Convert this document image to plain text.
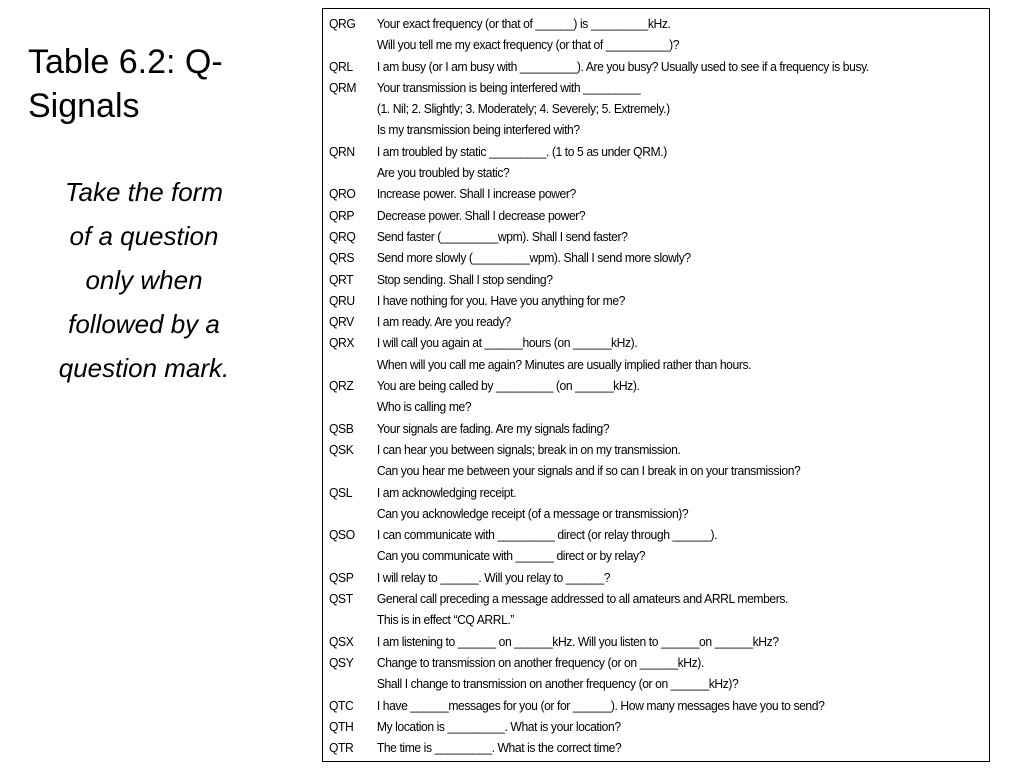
Table 6.2: Q-
Signals
Take the form
of a question
only when
followed by a
question mark.
QRG	Your exact frequency (or that of ______) is _________kHz.
Will you tell me my exact frequency (or that of __________)?
QRL	I am busy (or I am busy with _________). Are you busy? Usually used to see if a frequency is busy.
QRM	Your transmission is being interfered with _________
(1. Nil; 2. Slightly; 3. Moderately; 4. Severely; 5. Extremely.)
Is my transmission being interfered with?
QRN	I am troubled by static _________. (1 to 5 as under QRM.)
Are you troubled by static?
QRO	Increase power. Shall I increase power?
QRP	Decrease power. Shall I decrease power?
QRQ	Send faster (_________wpm). Shall I send faster?
QRS	Send more slowly (_________wpm). Shall I send more slowly?
QRT	Stop sending. Shall I stop sending?
QRU	I have nothing for you. Have you anything for me?
QRV	I am ready. Are you ready?
QRX	I will call you again at ______hours (on ______kHz).
When will you call me again? Minutes are usually implied rather than hours.
QRZ	You are being called by _________ (on ______kHz).
Who is calling me?
QSB	Your signals are fading. Are my signals fading?
QSK	I can hear you between signals; break in on my transmission.
Can you hear me between your signals and if so can I break in on your transmission?
QSL	I am acknowledging receipt.
Can you acknowledge receipt (of a message or transmission)?
QSO	I can communicate with _________ direct (or relay through ______).
Can you communicate with ______ direct or by relay?
QSP	I will relay to ______. Will you relay to ______?
QST	General call preceding a message addressed to all amateurs and ARRL members.
This is in effect “CQ ARRL.”
QSX	I am listening to ______ on ______kHz. Will you listen to ______on ______kHz?
QSY	Change to transmission on another frequency (or on ______kHz).
Shall I change to transmission on another frequency (or on ______kHz)?
QTC	I have ______messages for you (or for ______). How many messages have you to send?
QTH	My location is _________. What is your location?
QTR	The time is _________. What is the correct time?
